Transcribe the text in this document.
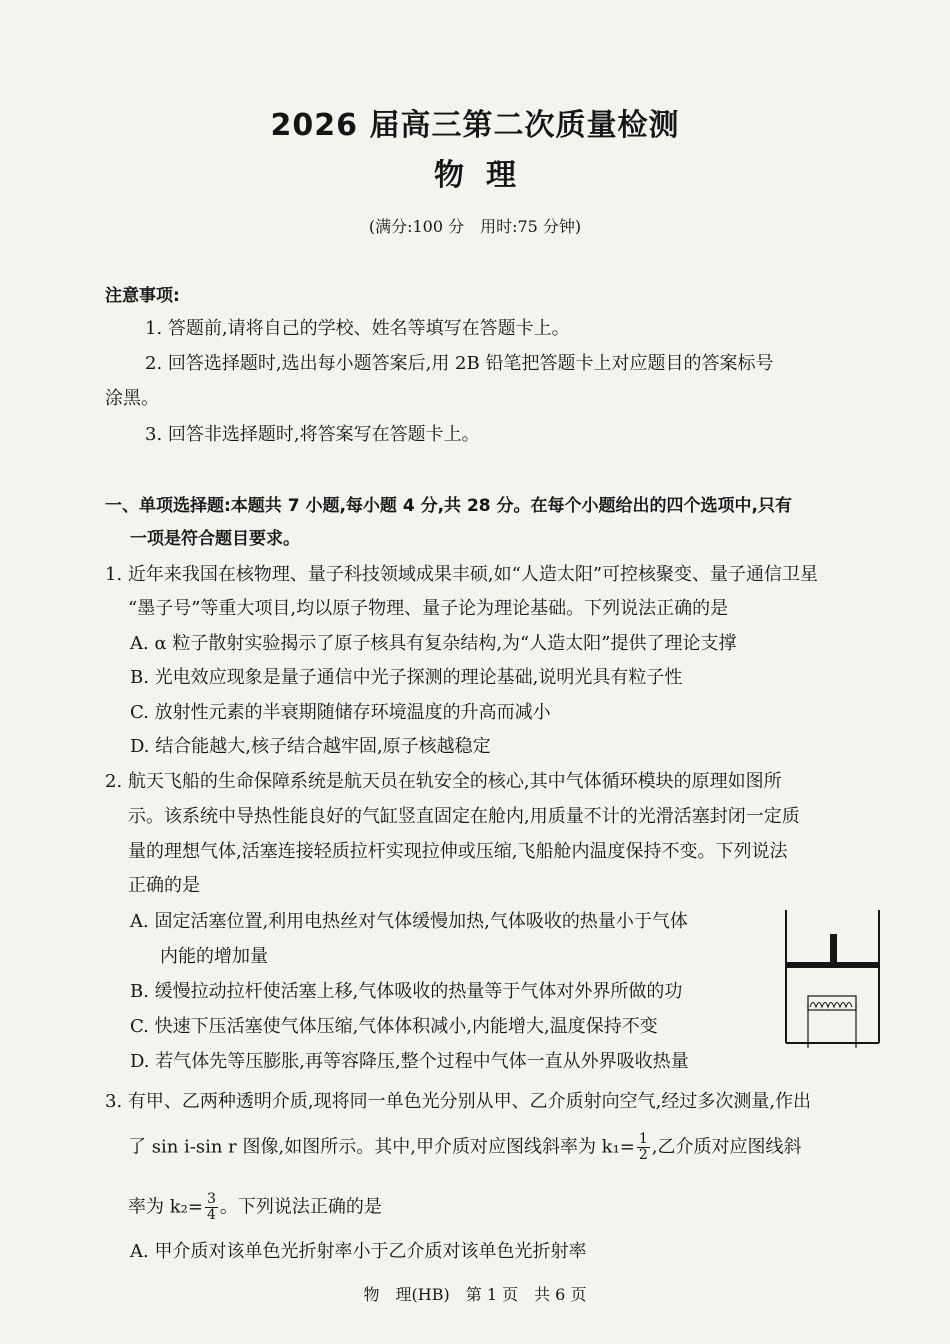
2026 届高三第二次质量检测
物理
(满分:100 分　用时:75 分钟)
注意事项:
1. 答题前,请将自己的学校、姓名等填写在答题卡上。
2. 回答选择题时,选出每小题答案后,用 2B 铅笔把答题卡上对应题目的答案标号
涂黑。
3. 回答非选择题时,将答案写在答题卡上。
一、单项选择题:本题共 7 小题,每小题 4 分,共 28 分。在每个小题给出的四个选项中,只有
一项是符合题目要求。
1. 近年来我国在核物理、量子科技领域成果丰硕,如“人造太阳”可控核聚变、量子通信卫星
“墨子号”等重大项目,均以原子物理、量子论为理论基础。下列说法正确的是
A. α 粒子散射实验揭示了原子核具有复杂结构,为“人造太阳”提供了理论支撑
B. 光电效应现象是量子通信中光子探测的理论基础,说明光具有粒子性
C. 放射性元素的半衰期随储存环境温度的升高而减小
D. 结合能越大,核子结合越牢固,原子核越稳定
2. 航天飞船的生命保障系统是航天员在轨安全的核心,其中气体循环模块的原理如图所
示。该系统中导热性能良好的气缸竖直固定在舱内,用质量不计的光滑活塞封闭一定质
量的理想气体,活塞连接轻质拉杆实现拉伸或压缩,飞船舱内温度保持不变。下列说法
正确的是
A. 固定活塞位置,利用电热丝对气体缓慢加热,气体吸收的热量小于气体
内能的增加量
B. 缓慢拉动拉杆使活塞上移,气体吸收的热量等于气体对外界所做的功
C. 快速下压活塞使气体压缩,气体体积减小,内能增大,温度保持不变
D. 若气体先等压膨胀,再等容降压,整个过程中气体一直从外界吸收热量
3. 有甲、乙两种透明介质,现将同一单色光分别从甲、乙介质射向空气,经过多次测量,作出
了 sin i-sin r 图像,如图所示。其中,甲介质对应图线斜率为 $k_1= \frac{1}{2}$ ,乙介质对应图线斜
率为 $k_2= \frac{3}{4}$ 。下列说法正确的是
A. 甲介质对该单色光折射率小于乙介质对该单色光折射率
物　理(HB)　第 1 页　共 6 页
